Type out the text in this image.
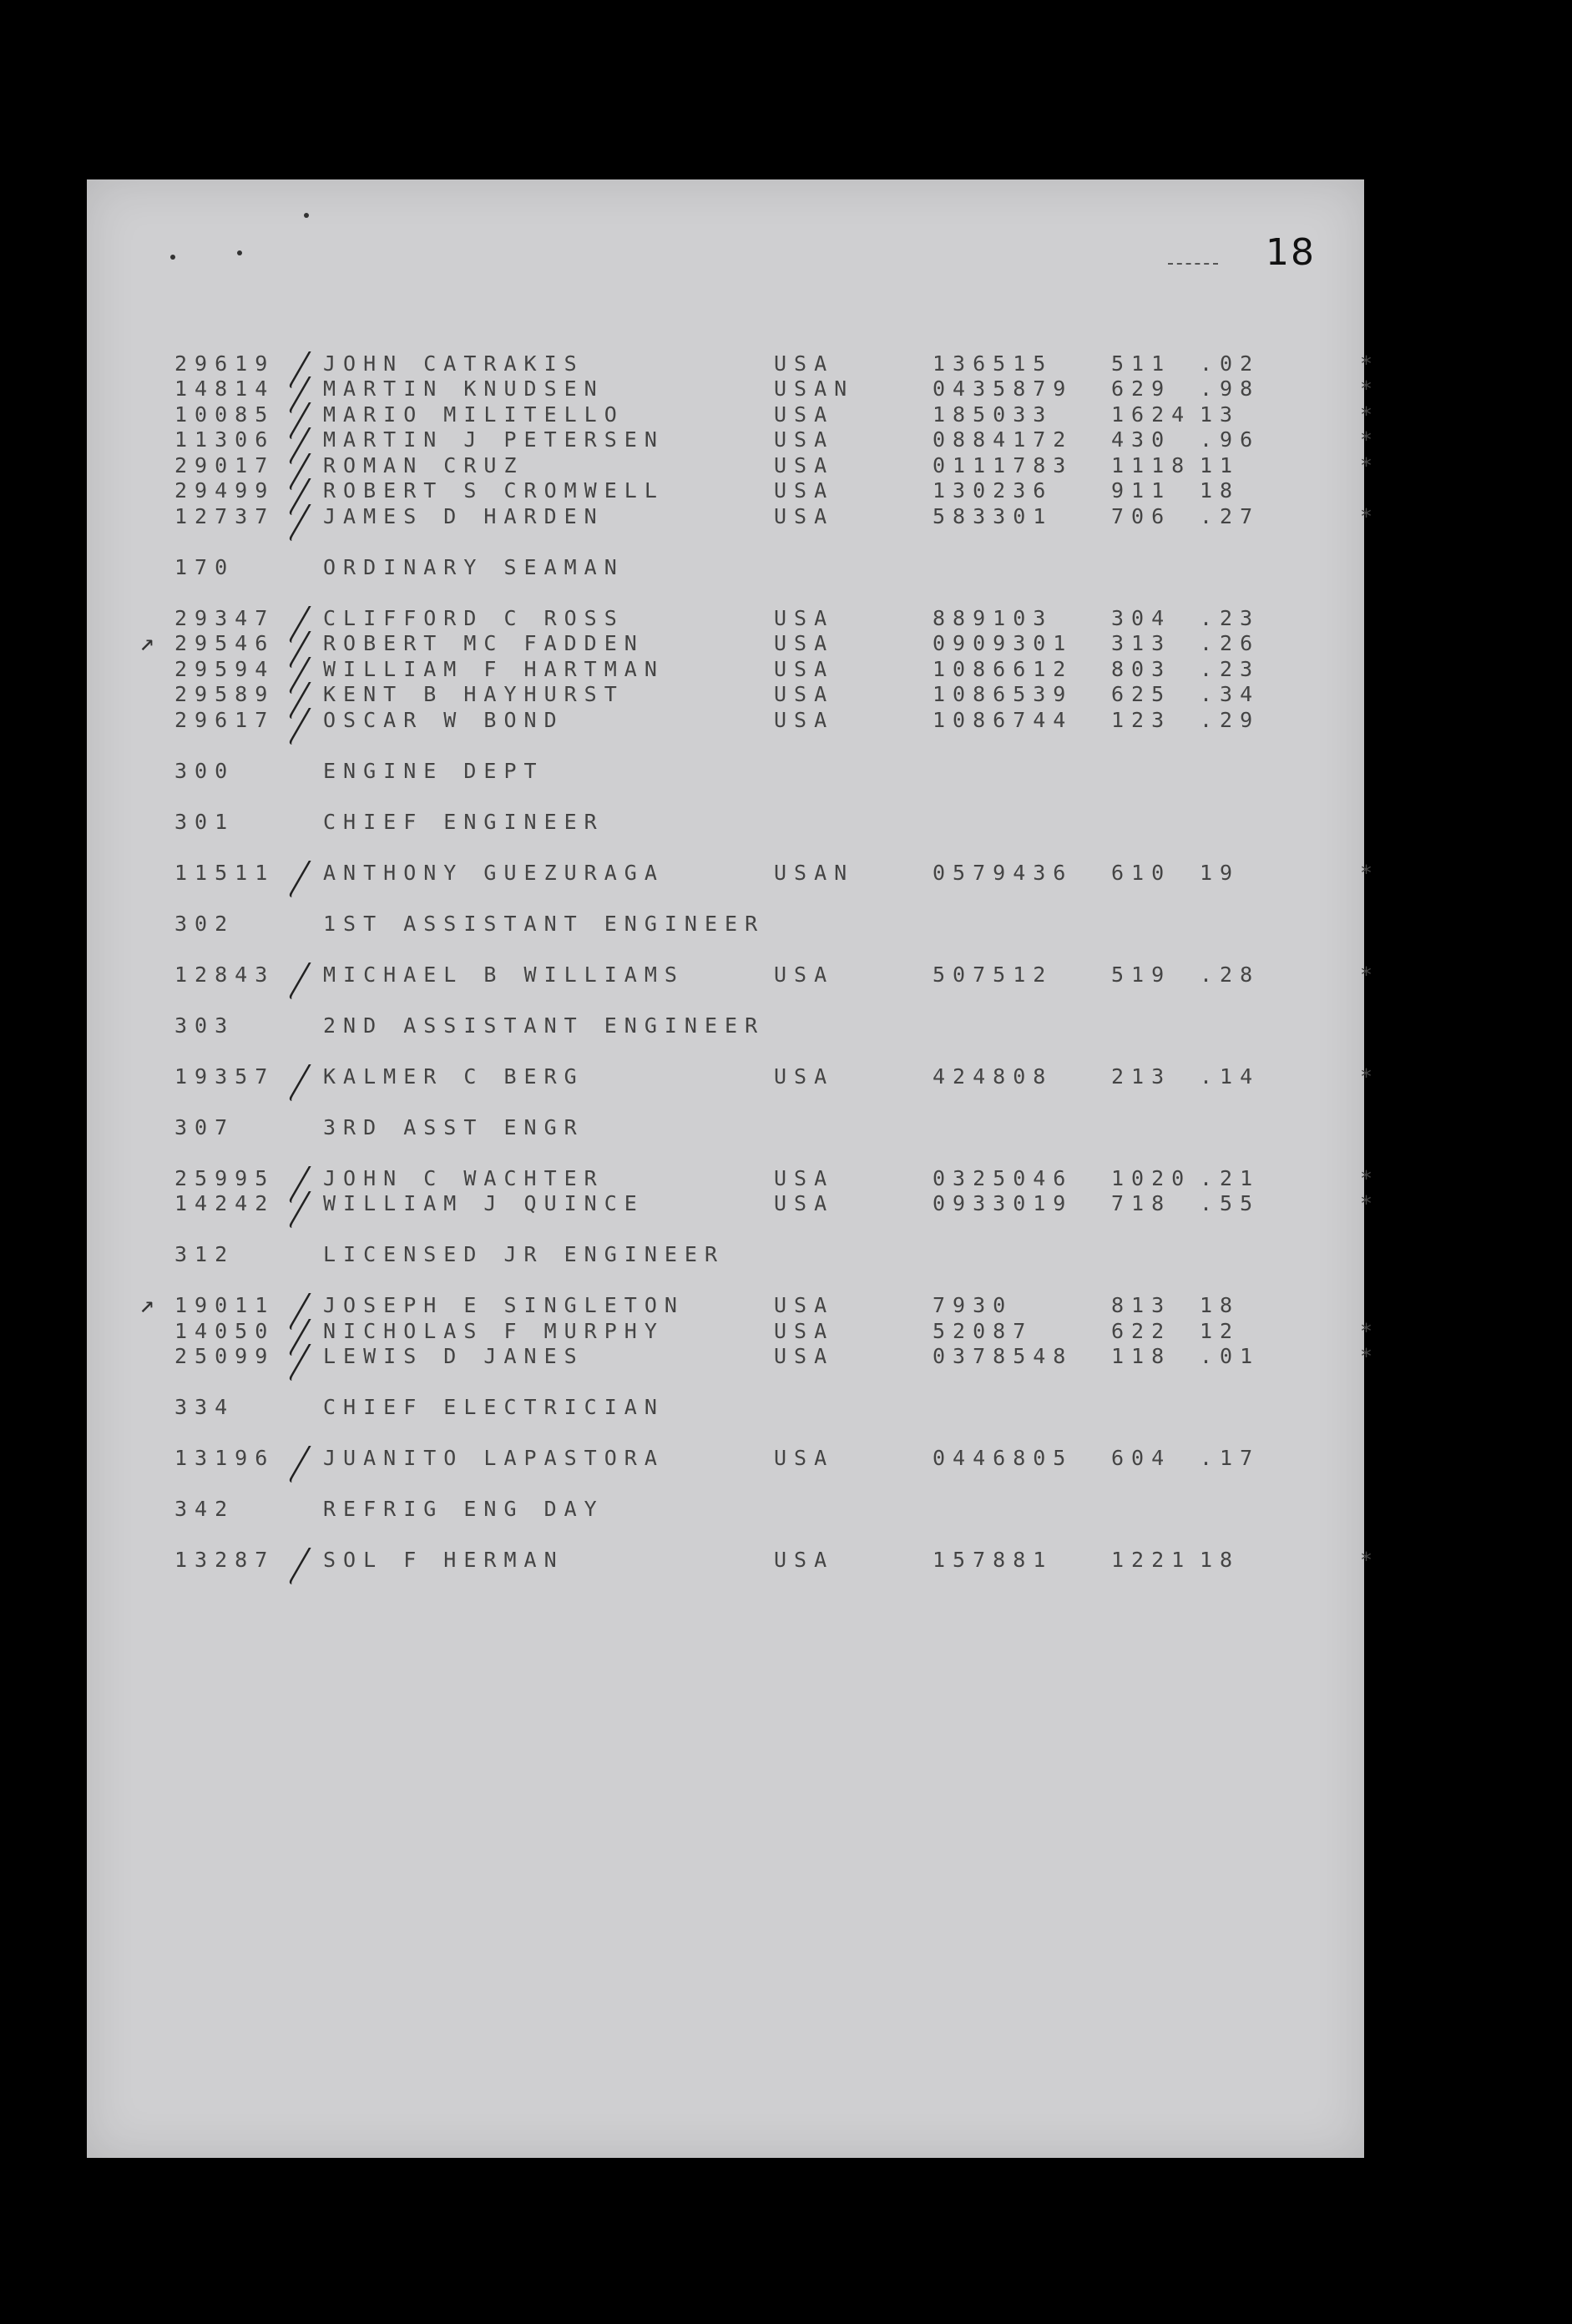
18
29619 JOHN CATRAKIS	USA	136515	511 .02	*
14814 MARTIN KNUDSEN	USAN	0435879 629 .98	*
10085 MARIO MILITELLO	USA	185033	1624 13	*
11306 MARTIN J PETERSEN	USA	0884172 430 .96	*
29017 ROMAN CRUZ	USA	0111783 1118 11	*
29499 ROBERT S CROMWELL	USA	130236	911 18
12737 JAMES D HARDEN	USA	583301	706 .27	*
170	ORDINARY SEAMAN
29347 CLIFFORD C ROSS	USA	889103	304 .23
29546 ROBERT MC FADDEN	USA	0909301 313 .26
↗
29594 WILLIAM F HARTMAN	USA	1086612 803 .23
29589 KENT B HAYHURST	USA	1086539 625 .34
29617 OSCAR W BOND	USA	1086744 123 .29
300	ENGINE DEPT
301	CHIEF ENGINEER
11511 ANTHONY GUEZURAGA	USAN	0579436 610 19	*
302	1ST ASSISTANT ENGINEER
12843 MICHAEL B WILLIAMS	USA	507512	519 .28	*
303	2ND ASSISTANT ENGINEER
19357 KALMER C BERG	USA	424808	213 .14	*
307	3RD ASST ENGR
25995 JOHN C WACHTER	USA	0325046 1020 .21	*
14242 WILLIAM J QUINCE	USA	0933019 718 .55	*
312	LICENSED JR ENGINEER
19011 JOSEPH E SINGLETON	USA	7930	813 18
↗
14050 NICHOLAS F MURPHY	USA	52087	622 12	*
25099 LEWIS D JANES	USA	0378548 118 .01	*
334	CHIEF ELECTRICIAN
13196 JUANITO LAPASTORA	USA	0446805 604 .17
342	REFRIG ENG DAY
13287 SOL F HERMAN	USA	157881	1221 18	*
